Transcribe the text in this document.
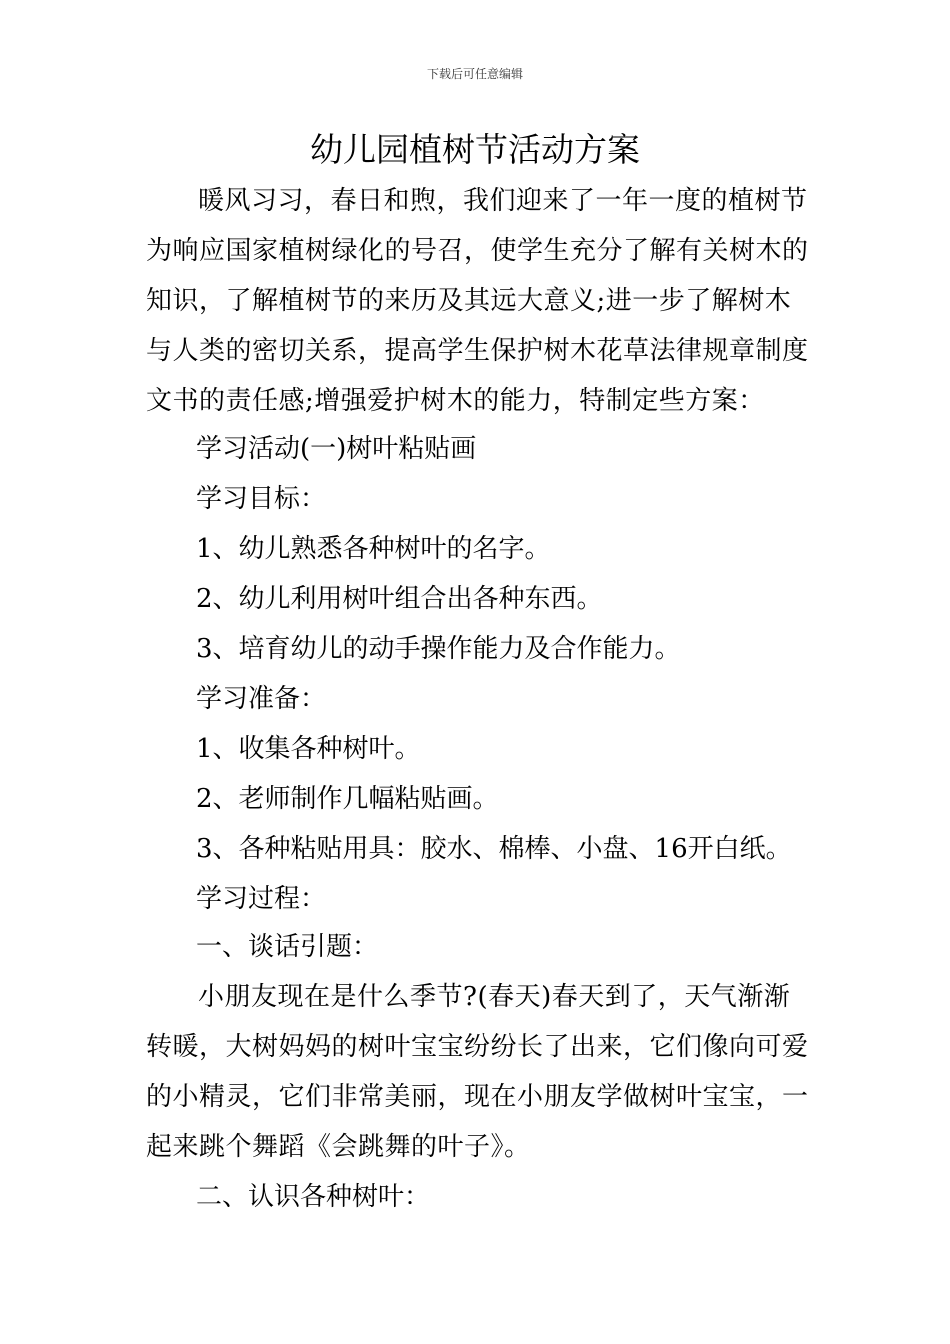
下载后可任意编辑
幼儿园植树节活动方案

暖风习习，春日和煦，我们迎来了一年一度的植树节为响应国家植树绿化的号召，使学生充分了解有关树木的知识，了解植树节的来历及其远大意义;进一步了解树木与人类的密切关系，提高学生保护树木花草法律规章制度文书的责任感;增强爱护树木的能力，特制定些方案：

学习活动(一)树叶粘贴画

学习目标：

1、幼儿熟悉各种树叶的名字。

2、幼儿利用树叶组合出各种东西。

3、培育幼儿的动手操作能力及合作能力。

学习准备：

1、收集各种树叶。

2、老师制作几幅粘贴画。

3、各种粘贴用具：胶水、棉棒、小盘、16开白纸。

学习过程：

一、谈话引题：

小朋友现在是什么季节?(春天)春天到了，天气渐渐转暖，大树妈妈的树叶宝宝纷纷长了出来，它们像向可爱的小精灵，它们非常美丽，现在小朋友学做树叶宝宝，一起来跳个舞蹈《会跳舞的叶子》。

二、认识各种树叶：
